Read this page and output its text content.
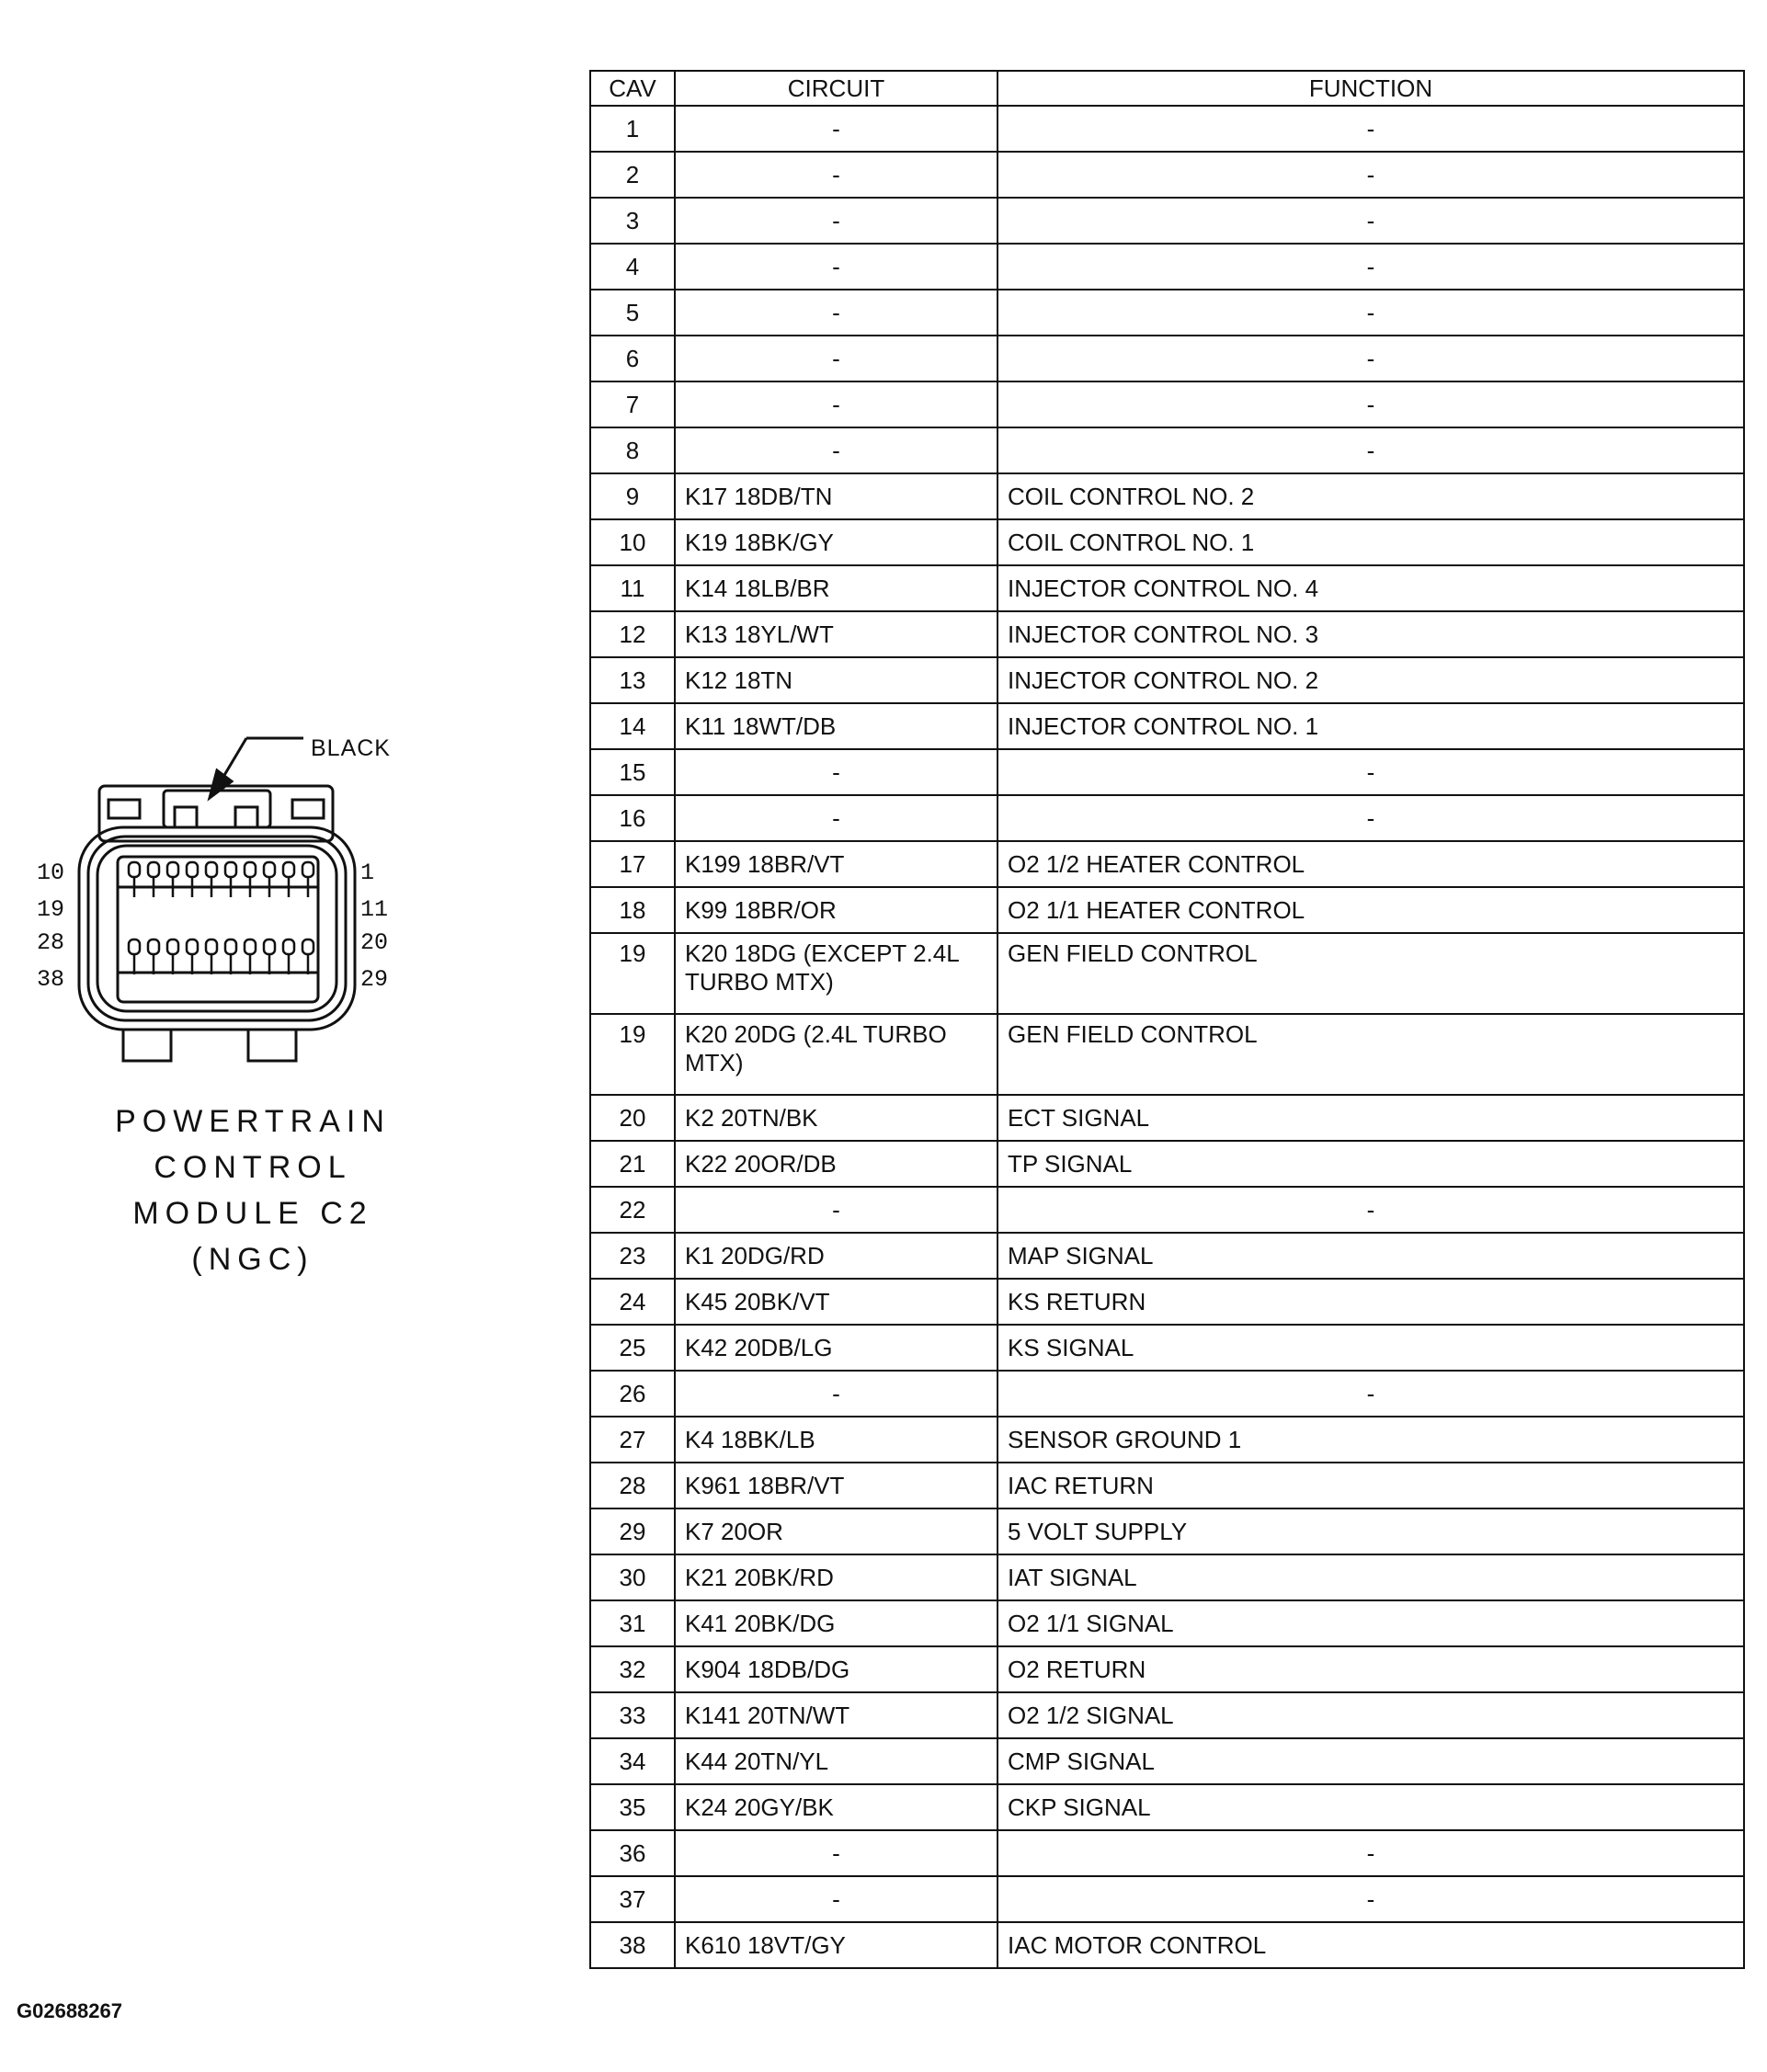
BLACK
10
19
28
38
1
11
20
29
POWERTRAIN
CONTROL
MODULE C2
(NGC)
CAV	CIRCUIT	FUNCTION
1	-	-
2	-	-
3	-	-
4	-	-
5	-	-
6	-	-
7	-	-
8	-	-
9	K17 18DB/TN	COIL CONTROL NO. 2
10	K19 18BK/GY	COIL CONTROL NO. 1
11	K14 18LB/BR	INJECTOR CONTROL NO. 4
12	K13 18YL/WT	INJECTOR CONTROL NO. 3
13	K12 18TN	INJECTOR CONTROL NO. 2
14	K11 18WT/DB	INJECTOR CONTROL NO. 1
15	-	-
16	-	-
17	K199 18BR/VT	O2 1/2 HEATER CONTROL
18	K99 18BR/OR	O2 1/1 HEATER CONTROL
19	K20 18DG (EXCEPT 2.4L TURBO MTX)	GEN FIELD CONTROL
19	K20 20DG (2.4L TURBO MTX)	GEN FIELD CONTROL
20	K2 20TN/BK	ECT SIGNAL
21	K22 20OR/DB	TP SIGNAL
22	-	-
23	K1 20DG/RD	MAP SIGNAL
24	K45 20BK/VT	KS RETURN
25	K42 20DB/LG	KS SIGNAL
26	-	-
27	K4 18BK/LB	SENSOR GROUND 1
28	K961 18BR/VT	IAC RETURN
29	K7 20OR	5 VOLT SUPPLY
30	K21 20BK/RD	IAT SIGNAL
31	K41 20BK/DG	O2 1/1 SIGNAL
32	K904 18DB/DG	O2 RETURN
33	K141 20TN/WT	O2 1/2 SIGNAL
34	K44 20TN/YL	CMP SIGNAL
35	K24 20GY/BK	CKP SIGNAL
36	-	-
37	-	-
38	K610 18VT/GY	IAC MOTOR CONTROL
G02688267
